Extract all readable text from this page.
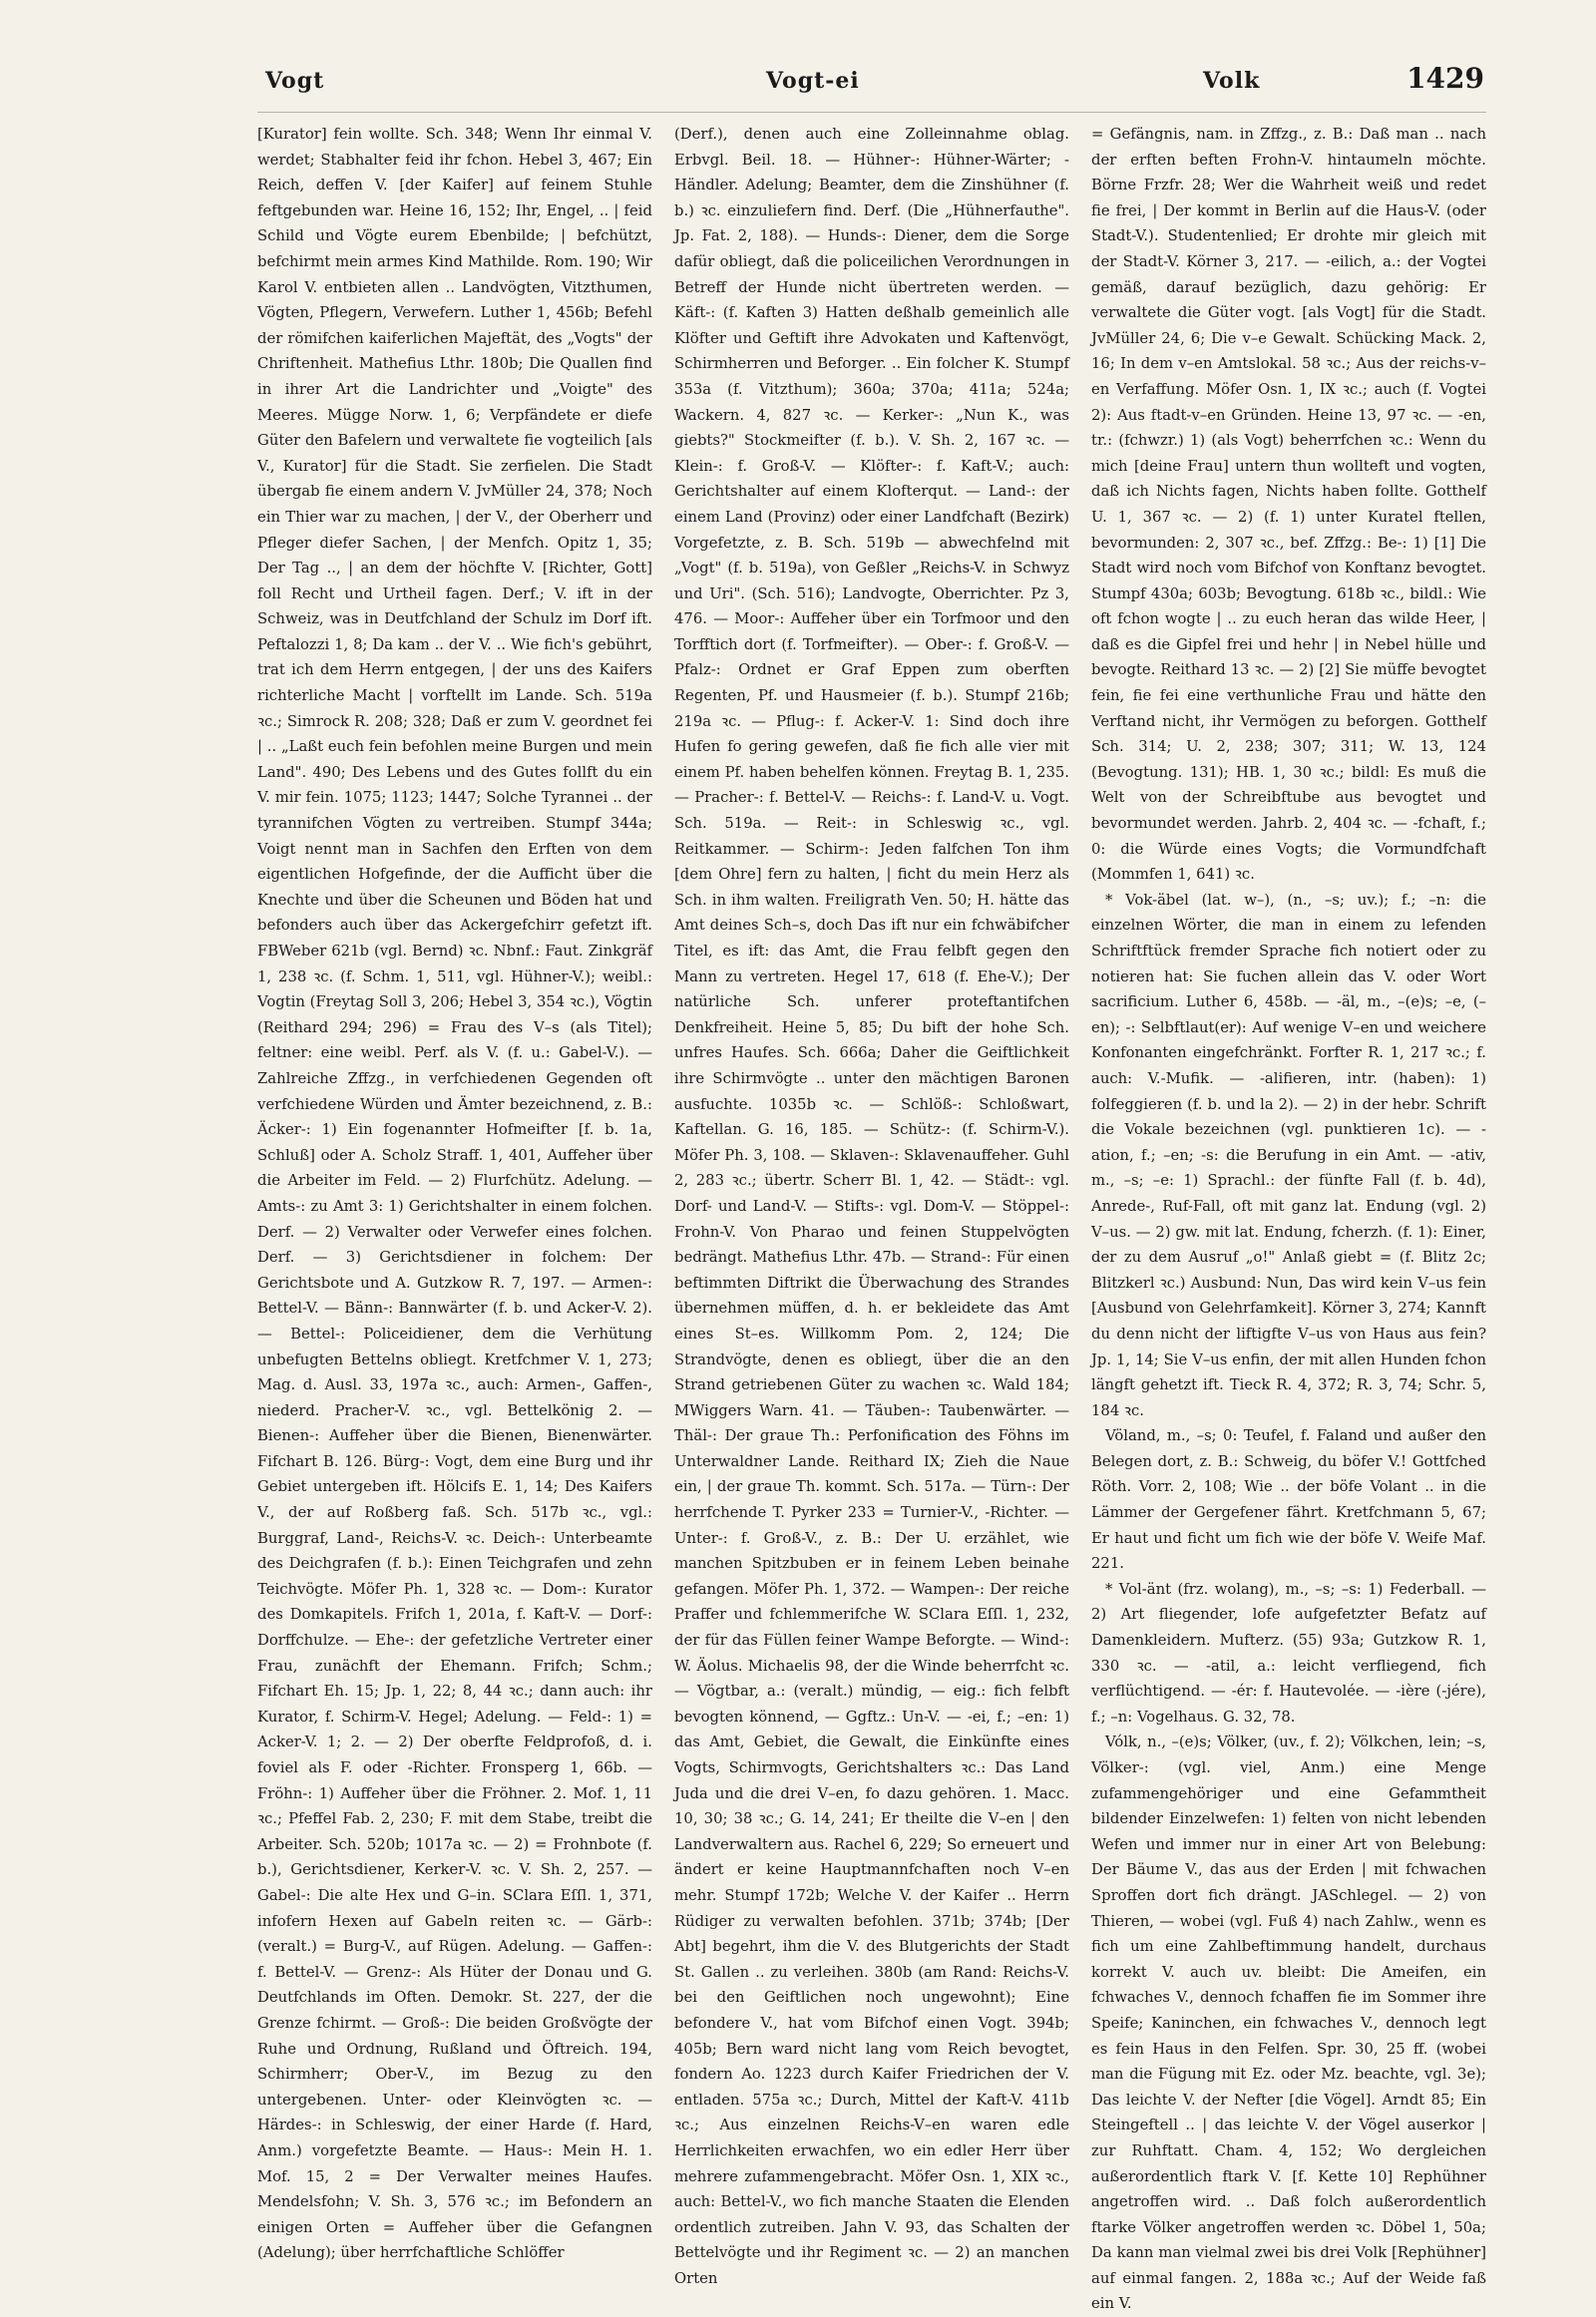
Vogt	Vogt-ei	Volk	1429

[Kurator] fein wollte. Sch. 348; Wenn Ihr einmal V. werdet; Stabhalter feid ihr fchon. Hebel 3, 467; Ein Reich, deffen V. [der Kaifer] auf feinem Stuhle feftgebunden war. Heine 16, 152; Ihr, Engel, .. | feid Schild und Vögte eurem Ebenbilde; | befchützt, befchirmt mein armes Kind Mathilde. Rom. 190; Wir Karol V. entbieten allen .. Landvögten, Vitzthumen, Vögten, Pflegern, Verwefern. Luther 1, 456b; Befehl der römifchen kaiferlichen Majeftät, des „Vogts" der Chriftenheit. Mathefius Lthr. 180b; Die Quallen find in ihrer Art die Landrichter und „Voigte" des Meeres. Mügge Norw. 1, 6; Verpfändete er diefe Güter den Bafelern und verwaltete fie vogteilich [als V., Kurator] für die Stadt. Sie zerfielen. Die Stadt übergab fie einem andern V. JvMüller 24, 378; Noch ein Thier war zu machen, | der V., der Oberherr und Pfleger diefer Sachen, | der Menfch. Opitz 1, 35; Der Tag .., | an dem der höchfte V. [Richter, Gott] foll Recht und Urtheil fagen. Derf.; V. ift in der Schweiz, was in Deutfchland der Schulz im Dorf ift. Peftalozzi 1, 8; Da kam .. der V. .. Wie fich's gebührt, trat ich dem Herrn entgegen, | der uns des Kaifers richterliche Macht | vorftellt im Lande. Sch. 519a ꝛc.; Simrock R. 208; 328; Daß er zum V. geordnet fei | .. „Laßt euch fein befohlen meine Burgen und mein Land". 490; Des Lebens und des Gutes follft du ein V. mir fein. 1075; 1123; 1447; Solche Tyrannei .. der tyrannifchen Vögten zu vertreiben. Stumpf 344a; Voigt nennt man in Sachfen den Erften von dem eigentlichen Hofgefinde, der die Aufficht über die Knechte und über die Scheunen und Böden hat und befonders auch über das Ackergefchirr gefetzt ift. FBWeber 621b (vgl. Bernd) ꝛc. Nbnf.: Faut. Zinkgräf 1, 238 ꝛc. (f. Schm. 1, 511, vgl. Hühner-V.); weibl.: Vogtin (Freytag Soll 3, 206; Hebel 3, 354 ꝛc.), Vögtin (Reithard 294; 296) = Frau des V–s (als Titel); feltner: eine weibl. Perf. als V. (f. u.: Gabel-V.). — Zahlreiche Zffzg., in verfchiedenen Gegenden oft verfchiedene Würden und Ämter bezeichnend, z. B.: Äcker-: 1) Ein fogenannter Hofmeifter [f. b. 1a, Schluß] oder A. Scholz Straff. 1, 401, Auffeher über die Arbeiter im Feld. — 2) Flurfchütz. Adelung. — Amts-: zu Amt 3: 1) Gerichtshalter in einem folchen. Derf. — 2) Verwalter oder Verwefer eines folchen. Derf. — 3) Gerichtsdiener in folchem: Der Gerichtsbote und A. Gutzkow R. 7, 197. — Armen-: Bettel-V. — Bänn-: Bannwärter (f. b. und Acker-V. 2). — Bettel-: Policeidiener, dem die Verhütung unbefugten Bettelns obliegt. Kretfchmer V. 1, 273; Mag. d. Ausl. 33, 197a ꝛc., auch: Armen-, Gaffen-, niederd. Pracher-V. ꝛc., vgl. Bettelkönig 2. — Bienen-: Auffeher über die Bienen, Bienenwärter. Fifchart B. 126. Bürg-: Vogt, dem eine Burg und ihr Gebiet untergeben ift. Hölcifs E. 1, 14; Des Kaifers V., der auf Roßberg faß. Sch. 517b ꝛc., vgl.: Burggraf, Land-, Reichs-V. ꝛc. Deich-: Unterbeamte des Deichgrafen (f. b.): Einen Teichgrafen und zehn Teichvögte. Möfer Ph. 1, 328 ꝛc. — Dom-: Kurator des Domkapitels. Frifch 1, 201a, f. Kaft-V. — Dorf-: Dorffchulze. — Ehe-: der gefetzliche Vertreter einer Frau, zunächft der Ehemann. Frifch; Schm.; Fifchart Eh. 15; Jp. 1, 22; 8, 44 ꝛc.; dann auch: ihr Kurator, f. Schirm-V. Hegel; Adelung. — Feld-: 1) = Acker-V. 1; 2. — 2) Der oberfte Feldprofoß, d. i. foviel als F. oder -Richter. Fronsperg 1, 66b. — Fröhn-: 1) Auffeher über die Fröhner. 2. Mof. 1, 11 ꝛc.; Pfeffel Fab. 2, 230; F. mit dem Stabe, treibt die Arbeiter. Sch. 520b; 1017a ꝛc. — 2) = Frohnbote (f. b.), Gerichtsdiener, Kerker-V. ꝛc. V. Sh. 2, 257. — Gabel-: Die alte Hex und G–in. SClara Eſſl. 1, 371, infofern Hexen auf Gabeln reiten ꝛc. — Gärb-: (veralt.) = Burg-V., auf Rügen. Adelung. — Gaffen-: f. Bettel-V. — Grenz-: Als Hüter der Donau und G. Deutfchlands im Often. Demokr. St. 227, der die Grenze fchirmt. — Groß-: Die beiden Großvögte der Ruhe und Ordnung, Rußland und Öftreich. 194, Schirmherr; Ober-V., im Bezug zu den untergebenen. Unter- oder Kleinvögten ꝛc. — Härdes-: in Schleswig, der einer Harde (f. Hard, Anm.) vorgefetzte Beamte. — Haus-: Mein H. 1. Mof. 15, 2 = Der Verwalter meines Haufes. Mendelsfohn; V. Sh. 3, 576 ꝛc.; im Befondern an einigen Orten = Auffeher über die Gefangnen (Adelung); über herrfchaftliche Schlöffer

(Derf.), denen auch eine Zolleinnahme oblag. Erbvgl. Beil. 18. — Hühner-: Hühner-Wärter; -Händler. Adelung; Beamter, dem die Zinshühner (f. b.) ꝛc. einzuliefern find. Derf. (Die „Hühnerfauthe". Jp. Fat. 2, 188). — Hunds-: Diener, dem die Sorge dafür obliegt, daß die policeilichen Verordnungen in Betreff der Hunde nicht übertreten werden. — Käft-: (f. Kaften 3) Hatten deßhalb gemeinlich alle Klöfter und Geftift ihre Advokaten und Kaftenvögt, Schirmherren und Beforger. .. Ein folcher K. Stumpf 353a (f. Vitzthum); 360a; 370a; 411a; 524a; Wackern. 4, 827 ꝛc. — Kerker-: „Nun K., was giebts?" Stockmeifter (f. b.). V. Sh. 2, 167 ꝛc. — Klein-: f. Groß-V. — Klöfter-: f. Kaft-V.; auch: Gerichtshalter auf einem Klofterqut. — Land-: der einem Land (Provinz) oder einer Landfchaft (Bezirk) Vorgefetzte, z. B. Sch. 519b — abwechfelnd mit „Vogt" (f. b. 519a), von Geßler „Reichs-V. in Schwyz und Uri". (Sch. 516); Landvogte, Oberrichter. Pz 3, 476. — Moor-: Auffeher über ein Torfmoor und den Torfftich dort (f. Torfmeifter). — Ober-: f. Groß-V. — Pfalz-: Ordnet er Graf Eppen zum oberften Regenten, Pf. und Hausmeier (f. b.). Stumpf 216b; 219a ꝛc. — Pflug-: f. Acker-V. 1: Sind doch ihre Hufen fo gering gewefen, daß fie fich alle vier mit einem Pf. haben behelfen können. Freytag B. 1, 235. — Pracher-: f. Bettel-V. — Reichs-: f. Land-V. u. Vogt. Sch. 519a. — Reit-: in Schleswig ꝛc., vgl. Reitkammer. — Schirm-: Jeden falfchen Ton ihm [dem Ohre] fern zu halten, | ficht du mein Herz als Sch. in ihm walten. Freiligrath Ven. 50; H. hätte das Amt deines Sch–s, doch Das ift nur ein fchwäbifcher Titel, es ift: das Amt, die Frau felbft gegen den Mann zu vertreten. Hegel 17, 618 (f. Ehe-V.); Der natürliche Sch. unferer proteftantifchen Denkfreiheit. Heine 5, 85; Du bift der hohe Sch. unfres Haufes. Sch. 666a; Daher die Geiftlichkeit ihre Schirmvögte .. unter den mächtigen Baronen ausfuchte. 1035b ꝛc. — Schlöß-: Schloßwart, Kaftellan. G. 16, 185. — Schütz-: (f. Schirm-V.). Möfer Ph. 3, 108. — Sklaven-: Sklavenauffeher. Guhl 2, 283 ꝛc.; übertr. Scherr Bl. 1, 42. — Städt-: vgl. Dorf- und Land-V. — Stifts-: vgl. Dom-V. — Stöppel-: Frohn-V. Von Pharao und feinen Stuppelvögten bedrängt. Mathefius Lthr. 47b. — Strand-: Für einen beftimmten Diftrikt die Überwachung des Strandes übernehmen müffen, d. h. er bekleidete das Amt eines St–es. Willkomm Pom. 2, 124; Die Strandvögte, denen es obliegt, über die an den Strand getriebenen Güter zu wachen ꝛc. Wald 184; MWiggers Warn. 41. — Täuben-: Taubenwärter. — Thäl-: Der graue Th.: Perfonification des Föhns im Unterwaldner Lande. Reithard IX; Zieh die Naue ein, | der graue Th. kommt. Sch. 517a. — Türn-: Der herrfchende T. Pyrker 233 = Turnier-V., -Richter. — Unter-: f. Groß-V., z. B.: Der U. erzählet, wie manchen Spitzbuben er in feinem Leben beinahe gefangen. Möfer Ph. 1, 372. — Wampen-: Der reiche Praffer und fchlemmerifche W. SClara Eſſl. 1, 232, der für das Füllen feiner Wampe Beforgte. — Wind-: W. Äolus. Michaelis 98, der die Winde beherrfcht ꝛc. — Vögtbar, a.: (veralt.) mündig, — eig.: fich felbft bevogten könnend, — Ggftz.: Un-V. — -ei, f.; –en: 1) das Amt, Gebiet, die Gewalt, die Einkünfte eines Vogts, Schirmvogts, Gerichtshalters ꝛc.: Das Land Juda und die drei V–en, fo dazu gehören. 1. Macc. 10, 30; 38 ꝛc.; G. 14, 241; Er theilte die V–en | den Landverwaltern aus. Rachel 6, 229; So erneuert und ändert er keine Hauptmannfchaften noch V–en mehr. Stumpf 172b; Welche V. der Kaifer .. Herrn Rüdiger zu verwalten befohlen. 371b; 374b; [Der Abt] begehrt, ihm die V. des Blutgerichts der Stadt St. Gallen .. zu verleihen. 380b (am Rand: Reichs-V. bei den Geiftlichen noch ungewohnt); Eine befondere V., hat vom Bifchof einen Vogt. 394b; 405b; Bern ward nicht lang vom Reich bevogtet, fondern Ao. 1223 durch Kaifer Friedrichen der V. entladen. 575a ꝛc.; Durch, Mittel der Kaft-V. 411b ꝛc.; Aus einzelnen Reichs-V–en waren edle Herrlichkeiten erwachfen, wo ein edler Herr über mehrere zufammengebracht. Möfer Osn. 1, XIX ꝛc., auch: Bettel-V., wo fich manche Staaten die Elenden ordentlich zutreiben. Jahn V. 93, das Schalten der Bettelvögte und ihr Regiment ꝛc. — 2) an manchen Orten

= Gefängnis, nam. in Zffzg., z. B.: Daß man .. nach der erften beften Frohn-V. hintaumeln möchte. Börne Frzfr. 28; Wer die Wahrheit weiß und redet fie frei, | Der kommt in Berlin auf die Haus-V. (oder Stadt-V.). Studentenlied; Er drohte mir gleich mit der Stadt-V. Körner 3, 217. — -eilich, a.: der Vogtei gemäß, darauf bezüglich, dazu gehörig: Er verwaltete die Güter vogt. [als Vogt] für die Stadt. JvMüller 24, 6; Die v–e Gewalt. Schücking Mack. 2, 16; In dem v–en Amtslokal. 58 ꝛc.; Aus der reichs-v–en Verfaffung. Möfer Osn. 1, IX ꝛc.; auch (f. Vogtei 2): Aus ftadt-v–en Gründen. Heine 13, 97 ꝛc. — -en, tr.: (fchwzr.) 1) (als Vogt) beherrfchen ꝛc.: Wenn du mich [deine Frau] untern thun wollteft und vogten, daß ich Nichts fagen, Nichts haben follte. Gotthelf U. 1, 367 ꝛc. — 2) (f. 1) unter Kuratel ftellen, bevormunden: 2, 307 ꝛc., bef. Zffzg.: Be-: 1) [1] Die Stadt wird noch vom Bifchof von Konftanz bevogtet. Stumpf 430a; 603b; Bevogtung. 618b ꝛc., bildl.: Wie oft fchon wogte | .. zu euch heran das wilde Heer, | daß es die Gipfel frei und hehr | in Nebel hülle und bevogte. Reithard 13 ꝛc. — 2) [2] Sie müffe bevogtet fein, fie fei eine verthunliche Frau und hätte den Verftand nicht, ihr Vermögen zu beforgen. Gotthelf Sch. 314; U. 2, 238; 307; 311; W. 13, 124 (Bevogtung. 131); HB. 1, 30 ꝛc.; bildl: Es muß die Welt von der Schreibftube aus bevogtet und bevormundet werden. Jahrb. 2, 404 ꝛc. — -fchaft, f.; 0: die Würde eines Vogts; die Vormundfchaft (Mommfen 1, 641) ꝛc.

* Vok-äbel (lat. w–), (n., –s; uv.); f.; –n: die einzelnen Wörter, die man in einem zu lefenden Schriftftück fremder Sprache fich notiert oder zu notieren hat: Sie fuchen allein das V. oder Wort sacrificium. Luther 6, 458b. — -äl, m., –(e)s; –e, (–en); -: Selbftlaut(er): Auf wenige V–en und weichere Konfonanten eingefchränkt. Forfter R. 1, 217 ꝛc.; f. auch: V.-Mufik. — -alifieren, intr. (haben): 1) folfeggieren (f. b. und la 2). — 2) in der hebr. Schrift die Vokale bezeichnen (vgl. punktieren 1c). — -ation, f.; –en; -s: die Berufung in ein Amt. — -ativ, m., –s; –e: 1) Sprachl.: der fünfte Fall (f. b. 4d), Anrede-, Ruf-Fall, oft mit ganz lat. Endung (vgl. 2) V–us. — 2) gw. mit lat. Endung, fcherzh. (f. 1): Einer, der zu dem Ausruf „o!" Anlaß giebt = (f. Blitz 2c; Blitzkerl ꝛc.) Ausbund: Nun, Das wird kein V–us fein [Ausbund von Gelehrfamkeit]. Körner 3, 274; Kannft du denn nicht der liftigfte V–us von Haus aus fein? Jp. 1, 14; Sie V–us enfin, der mit allen Hunden fchon längft gehetzt ift. Tieck R. 4, 372; R. 3, 74; Schr. 5, 184 ꝛc.

Völand, m., –s; 0: Teufel, f. Faland und außer den Belegen dort, z. B.: Schweig, du böfer V.! Gottfched Röth. Vorr. 2, 108; Wie .. der böfe Volant .. in die Lämmer der Gergefener fährt. Kretfchmann 5, 67; Er haut und ficht um fich wie der böfe V. Weife Maf. 221.

* Vol-änt (frz. wolang), m., –s; –s: 1) Federball. — 2) Art fliegender, lofe aufgefetzter Befatz auf Damenkleidern. Mufterz. (55) 93a; Gutzkow R. 1, 330 ꝛc. — -atil, a.: leicht verfliegend, fich verflüchtigend. — -ér: f. Hautevolée. — -ière (-jére), f.; –n: Vogelhaus. G. 32, 78.

Vólk, n., –(e)s; Völker, (uv., f. 2); Völkchen, lein; –s, Völker-: (vgl. viel, Anm.) eine Menge zufammengehöriger und eine Gefammtheit bildender Einzelwefen: 1) felten von nicht lebenden Wefen und immer nur in einer Art von Belebung: Der Bäume V., das aus der Erden | mit fchwachen Sproffen dort fich drängt. JASchlegel. — 2) von Thieren, — wobei (vgl. Fuß 4) nach Zahlw., wenn es fich um eine Zahlbeftimmung handelt, durchaus korrekt V. auch uv. bleibt: Die Ameifen, ein fchwaches V., dennoch fchaffen fie im Sommer ihre Speife; Kaninchen, ein fchwaches V., dennoch legt es fein Haus in den Felfen. Spr. 30, 25 ff. (wobei man die Fügung mit Ez. oder Mz. beachte, vgl. 3e); Das leichte V. der Nefter [die Vögel]. Arndt 85; Ein Steingeftell .. | das leichte V. der Vögel auserkor | zur Ruhftatt. Cham. 4, 152; Wo dergleichen außerordentlich ftark V. [f. Kette 10] Rephühner angetroffen wird. .. Daß folch außerordentlich ftarke Völker angetroffen werden ꝛc. Döbel 1, 50a; Da kann man vielmal zwei bis drei Volk [Rephühner] auf einmal fangen. 2, 188a ꝛc.; Auf der Weide faß ein V.
